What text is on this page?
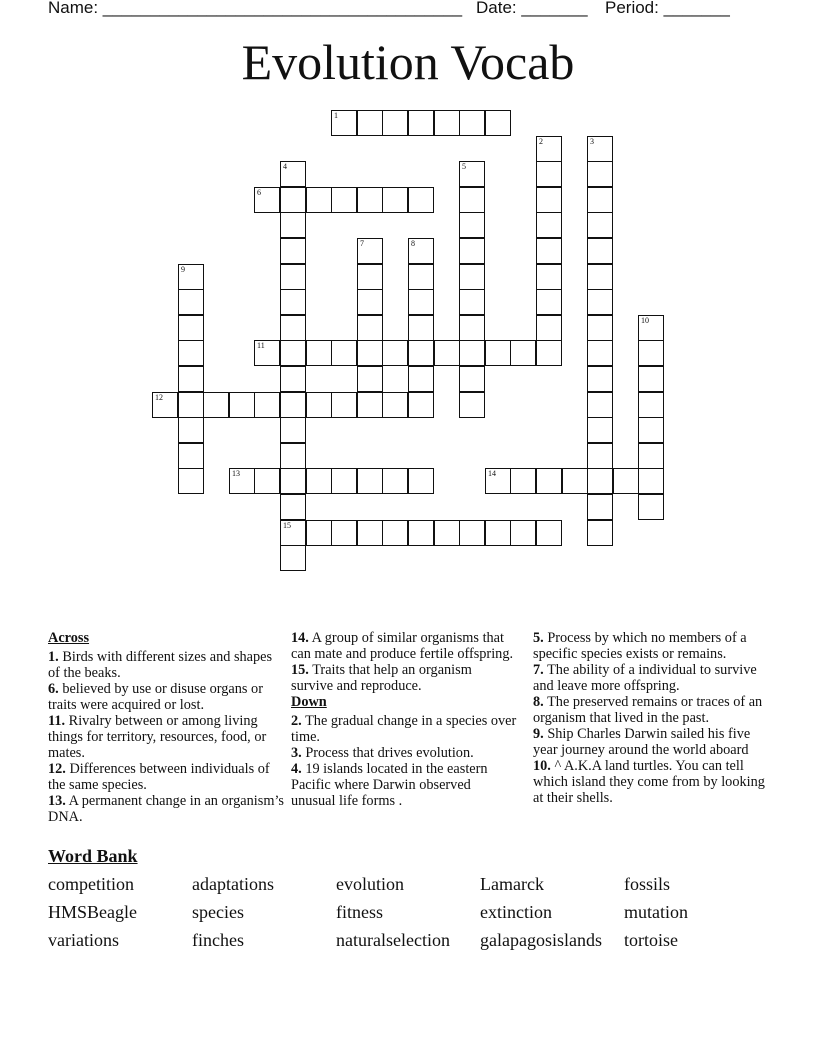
Name: ______________________________________ Date: _______ Period: _______
Evolution Vocab
1
2	3
4
15
5
6
7	8
9
10
11
12
13	14

Across

1. Birds with different sizes and shapes of the beaks.

6. believed by use or disuse organs or traits were acquired or lost.

11. Rivalry between or among living things for territory, resources, food, or mates.

12. Differences between individuals of the same species.

13. A permanent change in an organism’s DNA.

14. A group of similar organisms that can mate and produce fertile offspring.

15. Traits that help an organism survive and reproduce.

Down

2. The gradual change in a species over time.

3. Process that drives evolution.

4. 19 islands located in the eastern Pacific where Darwin observed unusual life forms .

5. Process by which no members of a specific species exists or remains.

7. The ability of a individual to survive and leave more offspring.

8. The preserved remains or traces of an organism that lived in the past.

9. Ship Charles Darwin sailed his five year journey around the world aboard

10. ^ A.K.A land turtles. You can tell which island they come from by looking at their shells.

Word Bank
competition	adaptations	evolution	Lamarck	fossils
HMSBeagle	species	fitness	extinction	mutation
variations	finches	naturalselection	galapagosislands	tortoise
